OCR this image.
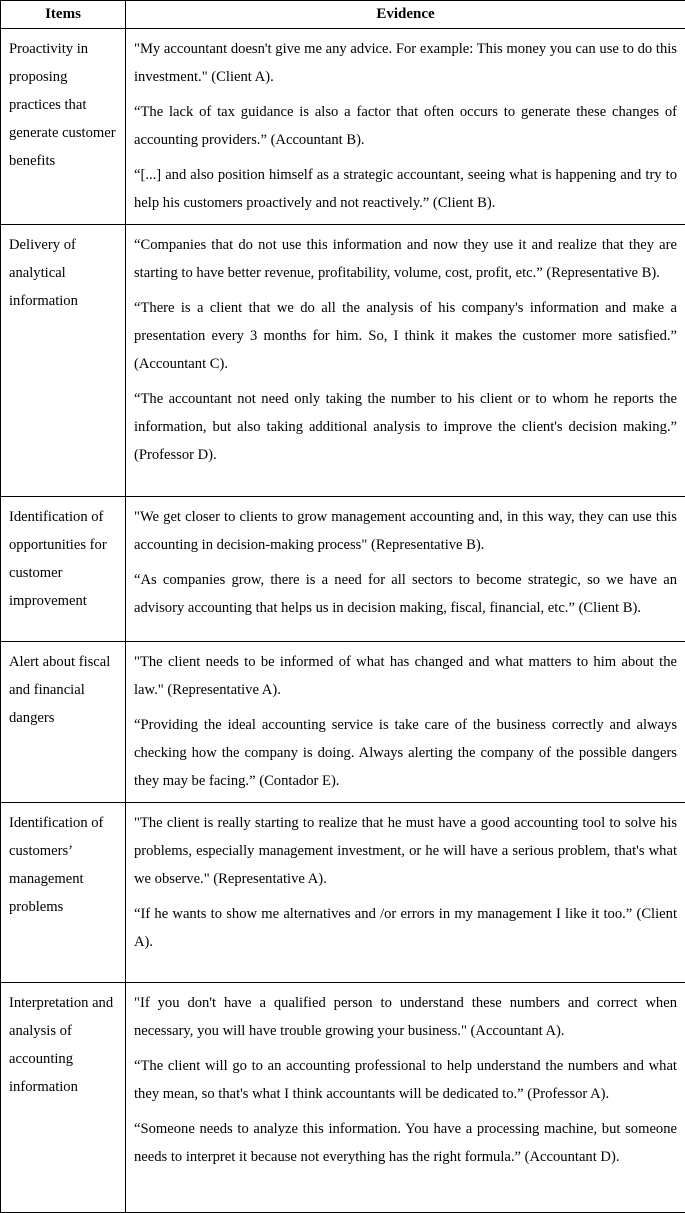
Items	Evidence
Proactivity in proposing practices that generate customer benefits	"My accountant doesn't give me any advice. For example: This money you can use to do this investment." (Client A).

“The lack of tax guidance is also a factor that often occurs to generate these changes of accounting providers.” (Accountant B).

“[...] and also position himself as a strategic accountant, seeing what is happening and try to help his customers proactively and not reactively.” (Client B).

Delivery of analytical information	“Companies that do not use this information and now they use it and realize that they are starting to have better revenue, profitability, volume, cost, profit, etc.” (Representative B).

“There is a client that we do all the analysis of his company's information and make a presentation every 3 months for him. So, I think it makes the customer more satisfied.” (Accountant C).

“The accountant not need only taking the number to his client or to whom he reports the information, but also taking additional analysis to improve the client's decision making.” (Professor D).

Identification of opportunities for customer improvement	"We get closer to clients to grow management accounting and, in this way, they can use this accounting in decision-making process" (Representative B).

“As companies grow, there is a need for all sectors to become strategic, so we have an advisory accounting that helps us in decision making, fiscal, financial, etc.” (Client B).

Alert about fiscal and financial dangers	"The client needs to be informed of what has changed and what matters to him about the law." (Representative A).

“Providing the ideal accounting service is take care of the business correctly and always checking how the company is doing. Always alerting the company of the possible dangers they may be facing.” (Contador E).

Identification of customers’ management problems	"The client is really starting to realize that he must have a good accounting tool to solve his problems, especially management investment, or he will have a serious problem, that's what we observe." (Representative A).

“If he wants to show me alternatives and /or errors in my management I like it too.” (Client A).

Interpretation and analysis of accounting information	"If you don't have a qualified person to understand these numbers and correct when necessary, you will have trouble growing your business." (Accountant A).

“The client will go to an accounting professional to help understand the numbers and what they mean, so that's what I think accountants will be dedicated to.” (Professor A).

“Someone needs to analyze this information. You have a processing machine, but someone needs to interpret it because not everything has the right formula.” (Accountant D).
